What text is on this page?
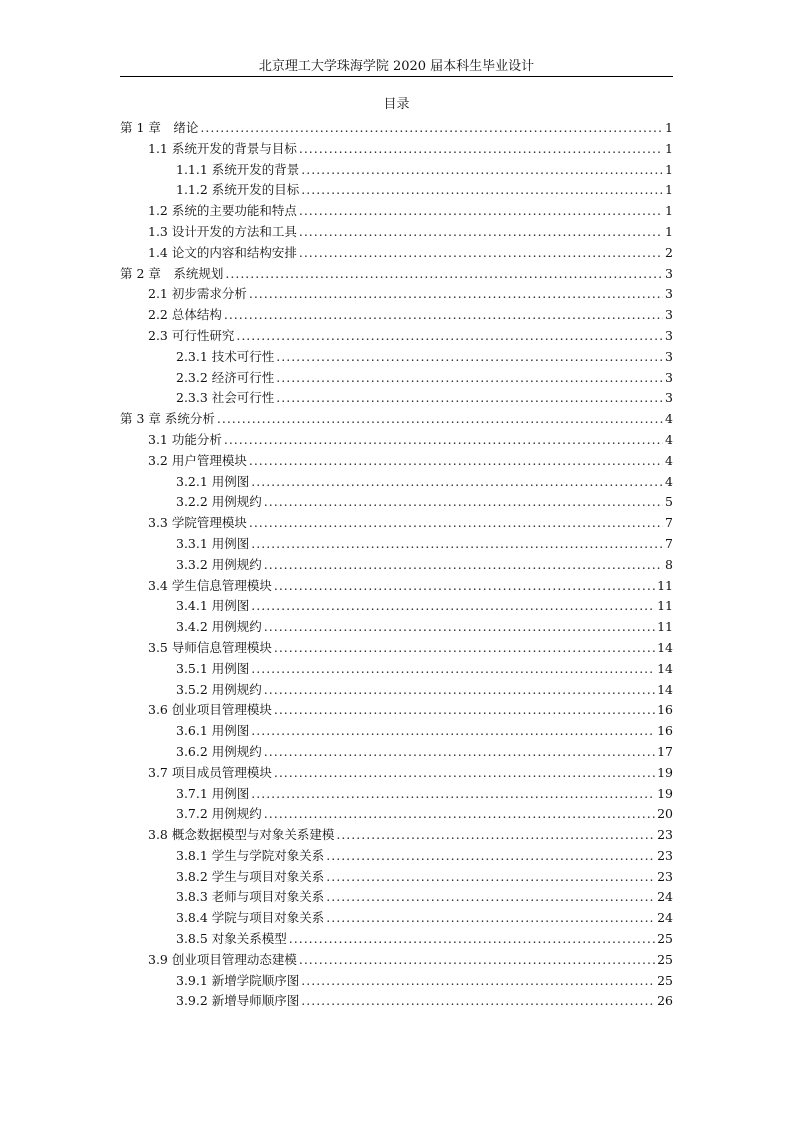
北京理工大学珠海学院 2020 届本科生毕业设计
目录
第 1 章　绪论 .....	1
1.1 系统开发的背景与目标 .....	1
1.1.1 系统开发的背景 .....	1
1.1.2 系统开发的目标 .....	1
1.2 系统的主要功能和特点 .....	1
1.3 设计开发的方法和工具 .....	1
1.4 论文的内容和结构安排 .....	2
第 2 章　系统规划 .....	3
2.1 初步需求分析 .....	3
2.2 总体结构 .....	3
2.3 可行性研究 .....	3
2.3.1 技术可行性 .....	3
2.3.2 经济可行性 .....	3
2.3.3 社会可行性 .....	3
第 3 章 系统分析 .....	4
3.1 功能分析 .....	4
3.2 用户管理模块 .....	4
3.2.1 用例图 .....	4
3.2.2 用例规约 .....	5
3.3 学院管理模块 .....	7
3.3.1 用例图 .....	7
3.3.2 用例规约 .....	8
3.4 学生信息管理模块 .....	11
3.4.1 用例图 .....	11
3.4.2 用例规约 .....	11
3.5 导师信息管理模块 .....	14
3.5.1 用例图 .....	14
3.5.2 用例规约 .....	14
3.6 创业项目管理模块 .....	16
3.6.1 用例图 .....	16
3.6.2 用例规约 .....	17
3.7 项目成员管理模块 .....	19
3.7.1 用例图 .....	19
3.7.2 用例规约 .....	20
3.8 概念数据模型与对象关系建模 .....	23
3.8.1 学生与学院对象关系 .....	23
3.8.2 学生与项目对象关系 .....	23
3.8.3 老师与项目对象关系 .....	24
3.8.4 学院与项目对象关系 .....	24
3.8.5 对象关系模型 .....	25
3.9 创业项目管理动态建模 .....	25
3.9.1 新增学院顺序图 .....	25
3.9.2 新增导师顺序图 .....	26
